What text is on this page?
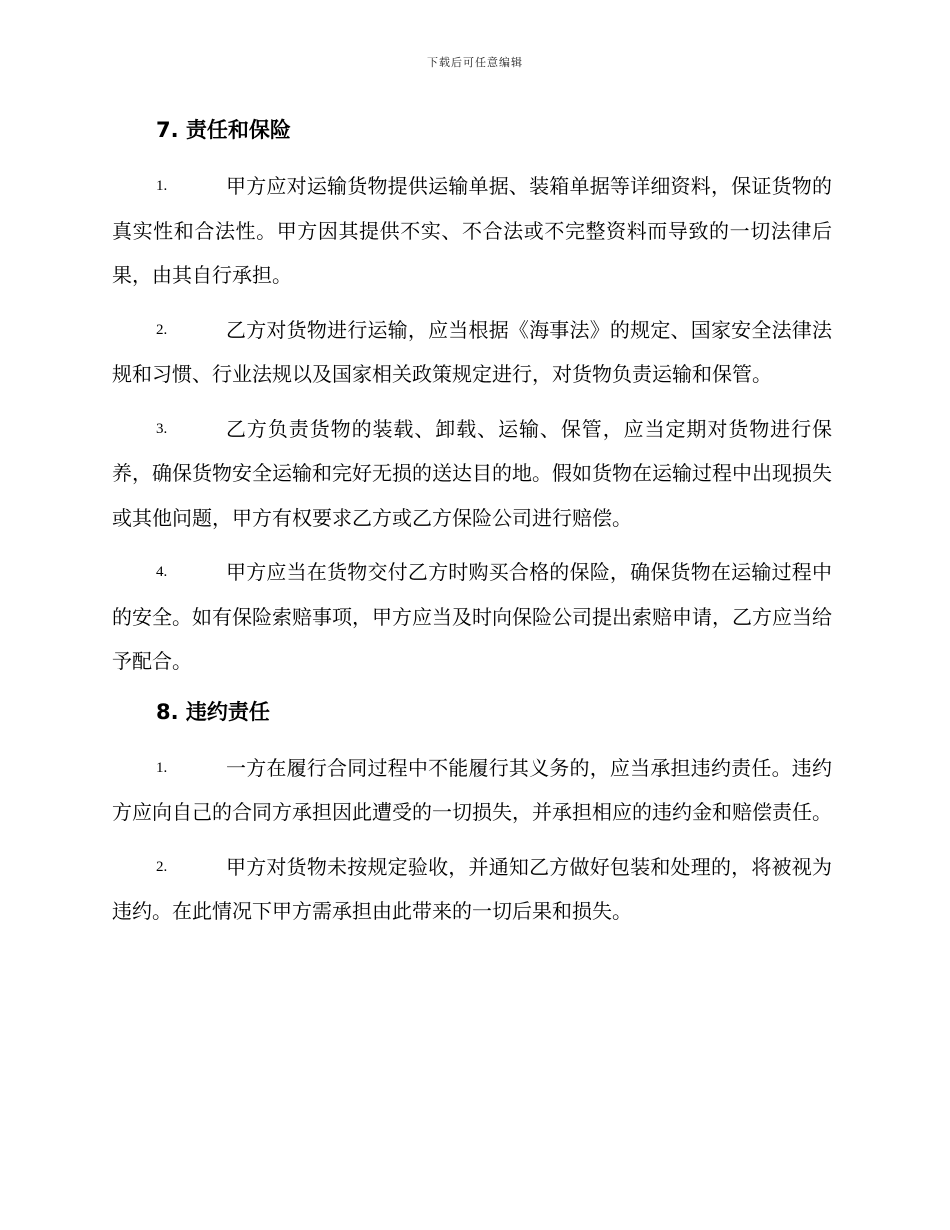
下载后可任意编辑
7. 责任和保险

1.	甲方应对运输货物提供运输单据、装箱单据等详细资料，保证货物的真实性和合法性。甲方因其提供不实、不合法或不完整资料而导致的一切法律后果，由其自行承担。

2.	乙方对货物进行运输，应当根据《海事法》的规定、国家安全法律法规和习惯、行业法规以及国家相关政策规定进行，对货物负责运输和保管。

3.	乙方负责货物的装载、卸载、运输、保管，应当定期对货物进行保养，确保货物安全运输和完好无损的送达目的地。假如货物在运输过程中出现损失或其他问题，甲方有权要求乙方或乙方保险公司进行赔偿。

4.	甲方应当在货物交付乙方时购买合格的保险，确保货物在运输过程中的安全。如有保险索赔事项，甲方应当及时向保险公司提出索赔申请，乙方应当给予配合。

8. 违约责任

1.	一方在履行合同过程中不能履行其义务的，应当承担违约责任。违约方应向自己的合同方承担因此遭受的一切损失，并承担相应的违约金和赔偿责任。

2.	甲方对货物未按规定验收，并通知乙方做好包装和处理的，将被视为违约。在此情况下甲方需承担由此带来的一切后果和损失。
